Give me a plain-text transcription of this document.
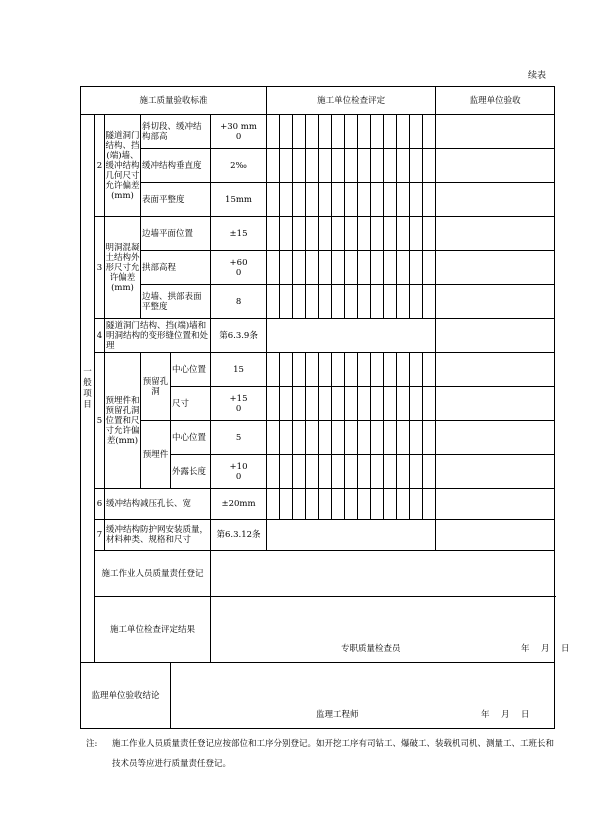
续表
施工质量验收标准						施工单位检查评定													监理单位验收

一般项目	2	隧道洞门结构、挡(端)墙、缓冲结构几何尺寸允许偏差(mm)	斜切段、缓冲结构部高		+30 mm
0														
			缓冲结构垂直度		2‰														
			表面平整度		15mm														
	3	明洞混凝土结构外形尺寸允许偏差(mm)	边墙平面位置		±15														
			拱部高程		+60
0														
			边墙、拱部表面平整度		8														
	4	隧道洞门结构、挡(端)墙和明洞结构的变形缝位置和处理			第6.3.9条														
	5	预埋件和预留孔洞位置和尺寸允许偏差(mm)	预留孔洞	中心位置	15														
				尺寸	+15
0														
			预埋件	中心位置	5														
				外露长度	+10
0														
	6	缓冲结构减压孔长、宽			±20mm														
	7	缓冲结构防护网安装质量，材料种类、规格和尺寸			第6.3.12条														
	施工作业人员质量责任登记																		
	施工单位检查评定结果				专职质量检查员 年 月 日														

监理单位验收结论				监理工程师 年 月 日															
注:	施工作业人员质量责任登记应按部位和工序分别登记。如开挖工序有司钻工、爆破工、装载机司机、测量工、工班长和技术员等应进行质量责任登记。
